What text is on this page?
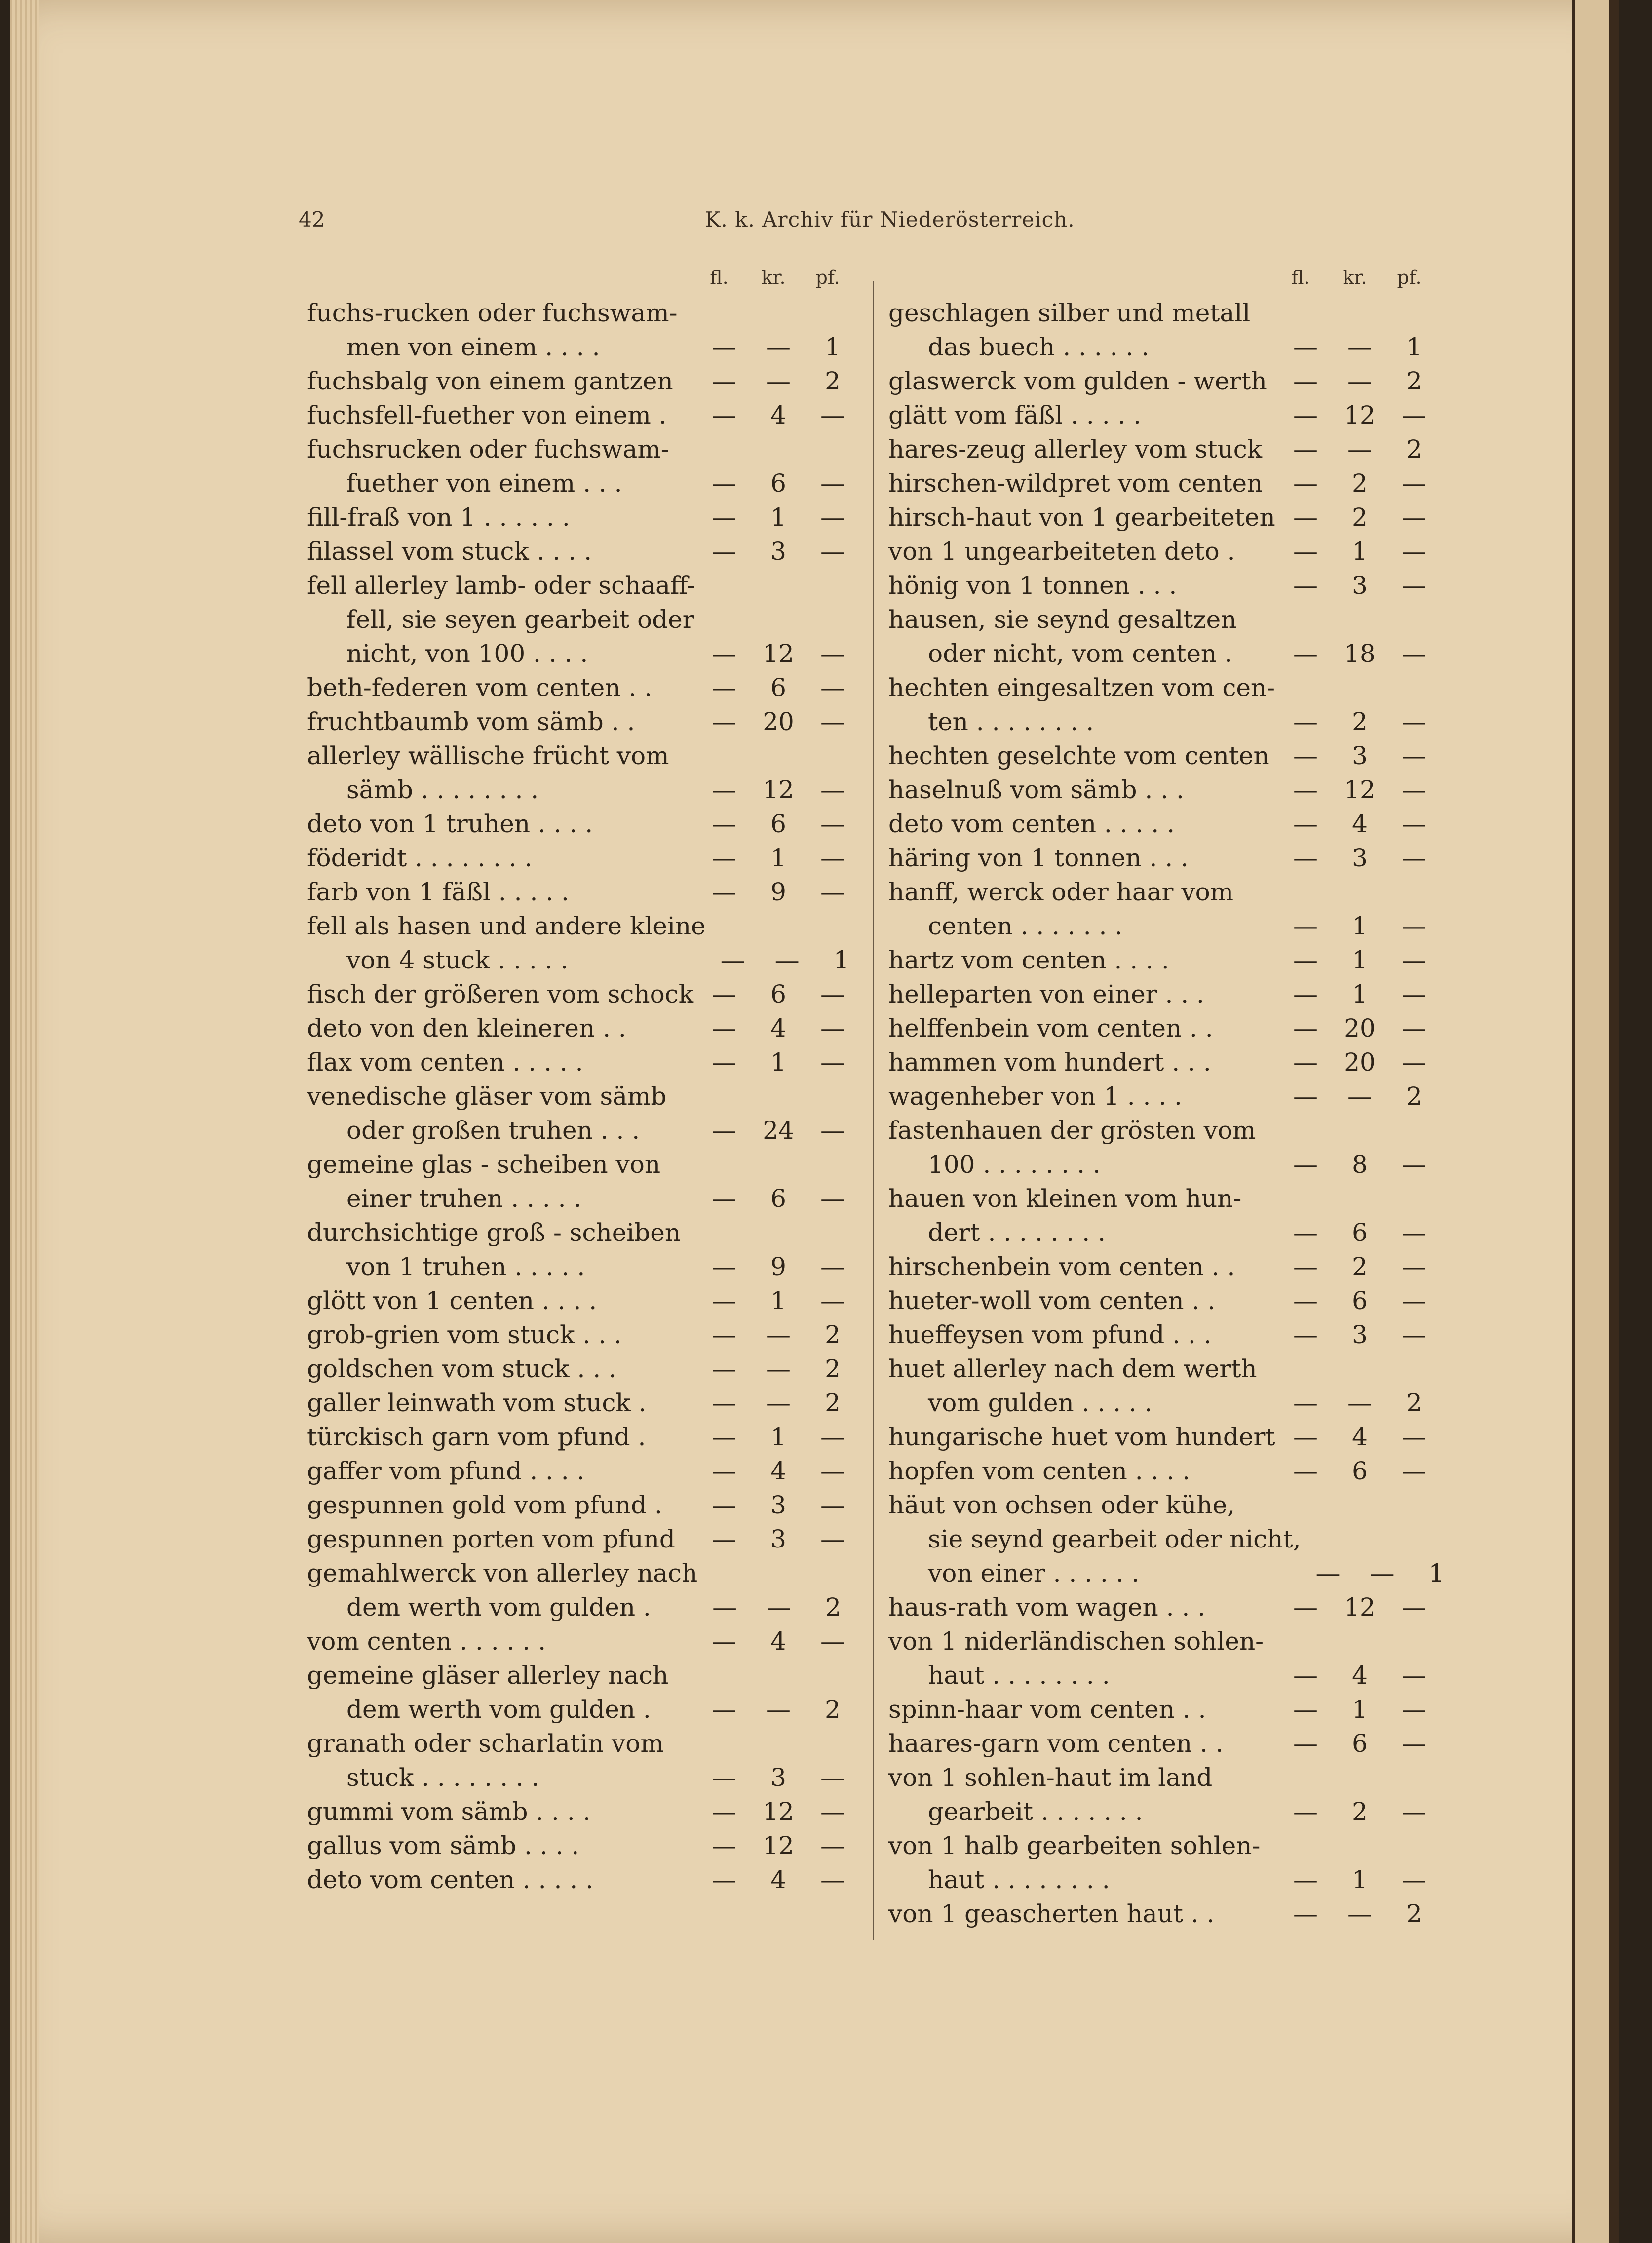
42	K. k. Archiv für Niederösterreich.
fl.	kr.	pf.
fuchs-rucken oder fuchswam-
men von einem . . . .	—	—	1
fuchsbalg von einem gantzen	—	—	2
fuchsfell-fuether von einem .	—	4	—
fuchsrucken oder fuchswam-
fuether von einem . . .	—	6	—
fill-fraß von 1 . . . . . .	—	1	—
filassel vom stuck . . . .	—	3	—
fell allerley lamb- oder schaaff-
fell, sie seyen gearbeit oder
nicht, von 100 . . . .	—	12	—
beth-federen vom centen . .	—	6	—
fruchtbaumb vom sämb . .	—	20	—
allerley wällische frücht vom
sämb . . . . . . . .	—	12	—
deto von 1 truhen . . . .	—	6	—
föderidt . . . . . . . .	—	1	—
farb von 1 fäßl . . . . .	—	9	—
fell als hasen und andere kleine
von 4 stuck . . . . .	—	—	1
fisch der größeren vom schock —	6	—
deto von den kleineren . .	—	4	—
flax vom centen . . . . .	—	1	—
venedische gläser vom sämb
oder großen truhen . . .	—	24	—
gemeine glas - scheiben von
einer truhen . . . . .	—	6	—
durchsichtige groß - scheiben
von 1 truhen . . . . .	—	9	—
glött von 1 centen . . . .	—	1	—
grob-grien vom stuck . . .	—	—	2
goldschen vom stuck . . .	—	—	2
galler leinwath vom stuck .	—	—	2
türckisch garn vom pfund .	—	1	—
gaffer vom pfund . . . .	—	4	—
gespunnen gold vom pfund .	—	3	—
gespunnen porten vom pfund	—	3	—
gemahlwerck von allerley nach
dem werth vom gulden .	—	—	2
vom centen . . . . . .	—	4	—
gemeine gläser allerley nach
dem werth vom gulden .	—	—	2
granath oder scharlatin vom
stuck . . . . . . . .	—	3	—
gummi vom sämb . . . .	—	12	—
gallus vom sämb . . . .	—	12	—
deto vom centen . . . . .	—	4	—
fl.	kr.	pf.
geschlagen silber und metall
das buech . . . . . .	—	—	1
glaswerck vom gulden - werth	—	—	2
glätt vom fäßl . . . . .	—	12	—
hares-zeug allerley vom stuck	—	—	2
hirschen-wildpret vom centen	—	2	—
hirsch-haut von 1 gearbeiteten —	2	—
von 1 ungearbeiteten deto .	—	1	—
hönig von 1 tonnen . . .	—	3	—
hausen, sie seynd gesaltzen
oder nicht, vom centen .	—	18	—
hechten eingesaltzen vom cen-
ten . . . . . . . .	—	2	—
hechten geselchte vom centen —	3	—
haselnuß vom sämb . . .	—	12	—
deto vom centen . . . . .	—	4	—
häring von 1 tonnen . . .	—	3	—
hanff, werck oder haar vom
centen . . . . . . .	—	1	—
hartz vom centen . . . .	—	1	—
helleparten von einer . . .	—	1	—
helffenbein vom centen . .	—	20	—
hammen vom hundert . . .	—	20	—
wagenheber von 1 . . . .	—	—	2
fastenhauen der grösten vom
100 . . . . . . . .	—	8	—
hauen von kleinen vom hun-
dert . . . . . . . .	—	6	—
hirschenbein vom centen . .	—	2	—
hueter-woll vom centen . .	—	6	—
hueffeysen vom pfund . . .	—	3	—
huet allerley nach dem werth
vom gulden . . . . .	—	—	2
hungarische huet vom hundert —	4	—
hopfen vom centen . . . .	—	6	—
häut von ochsen oder kühe,
sie seynd gearbeit oder nicht,
von einer . . . . . .	—	—	1
haus-rath vom wagen . . .	—	12	—
von 1 niderländischen sohlen-
haut . . . . . . . .	—	4	—
spinn-haar vom centen . .	—	1	—
haares-garn vom centen . .	—	6	—
von 1 sohlen-haut im land
gearbeit . . . . . . .	—	2	—
von 1 halb gearbeiten sohlen-
haut . . . . . . . .	—	1	—
von 1 geascherten haut . .	—	—	2
